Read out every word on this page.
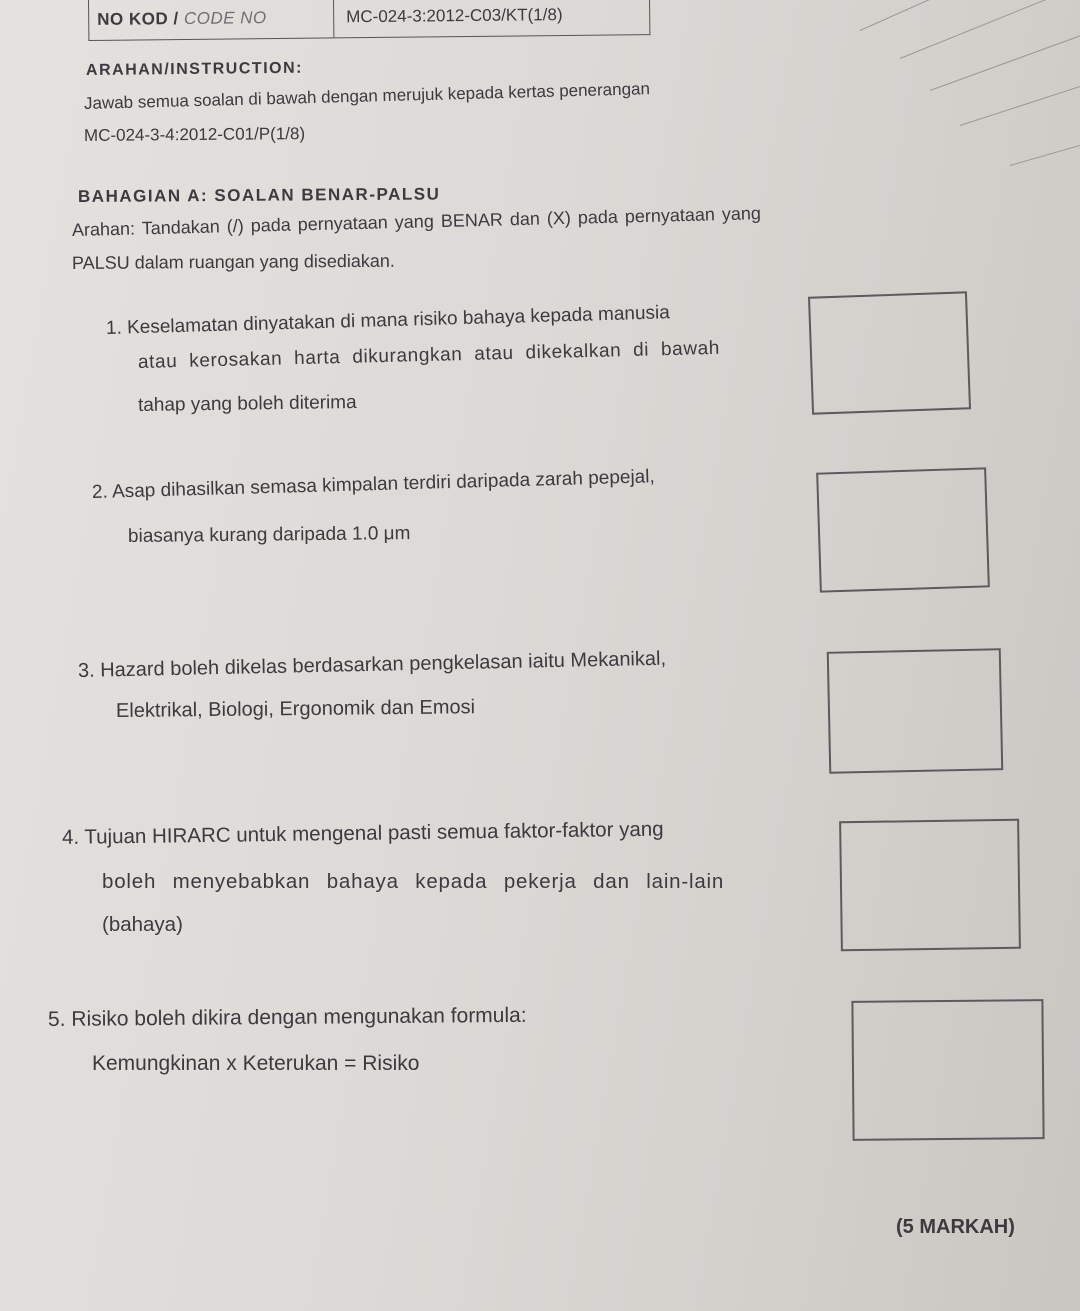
NO KOD /
CODE NO	MC-024-3:2012-C03/KT(1/8)
ARAHAN/INSTRUCTION:
Jawab semua soalan di bawah dengan merujuk kepada kertas penerangan
MC-024-3-4:2012-C01/P(1/8)
BAHAGIAN A: SOALAN BENAR-PALSU
Arahan: Tandakan (/) pada pernyataan yang BENAR dan (X) pada pernyataan yang
PALSU dalam ruangan yang disediakan.
1. Keselamatan dinyatakan di mana risiko bahaya kepada manusia
atau kerosakan harta dikurangkan atau dikekalkan di bawah
tahap yang boleh diterima
2. Asap dihasilkan semasa kimpalan terdiri daripada zarah pepejal,
biasanya kurang daripada 1.0 μm
3. Hazard boleh dikelas berdasarkan pengkelasan iaitu Mekanikal,
Elektrikal, Biologi, Ergonomik dan Emosi
4. Tujuan HIRARC untuk mengenal pasti semua faktor-faktor yang
boleh menyebabkan bahaya kepada pekerja dan lain-lain
(bahaya)
5. Risiko boleh dikira dengan mengunakan formula:
Kemungkinan x Keterukan = Risiko
(5 MARKAH)
